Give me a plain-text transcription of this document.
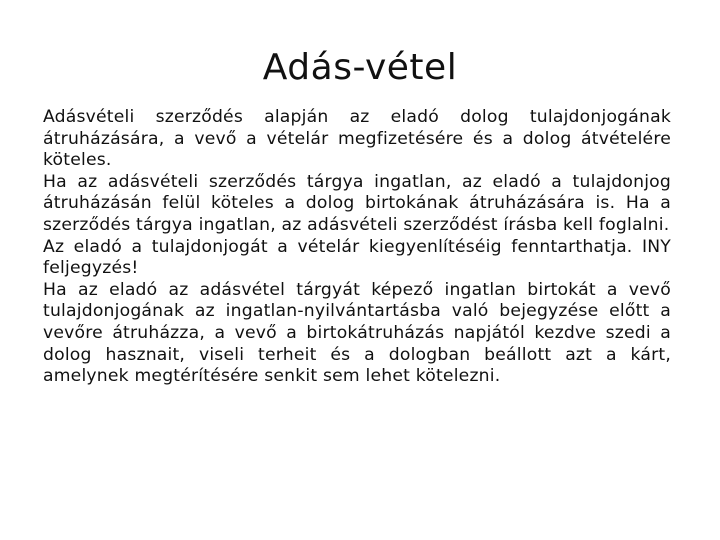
Adás-vétel

Adásvételi szerződés alapján az eladó dolog tulajdonjogának átruházására, a vevő a vételár megfizetésére és a dolog átvételére köteles.

Ha az adásvételi szerződés tárgya ingatlan, az eladó a tulajdonjog átruházásán felül köteles a dolog birtokának átruházására is. Ha a szerződés tárgya ingatlan, az adásvételi szerződést írásba kell foglalni.

Az eladó a tulajdonjogát a vételár kiegyenlítéséig fenntarthatja. INY feljegyzés!

Ha az eladó az adásvétel tárgyát képező ingatlan birtokát a vevő tulajdonjogának az ingatlan-nyilvántartásba való bejegyzése előtt a vevőre átruházza, a vevő a birtokátruházás napjától kezdve szedi a dolog hasznait, viseli terheit és a dologban beállott azt a kárt, amelynek megtérítésére senkit sem lehet kötelezni.
